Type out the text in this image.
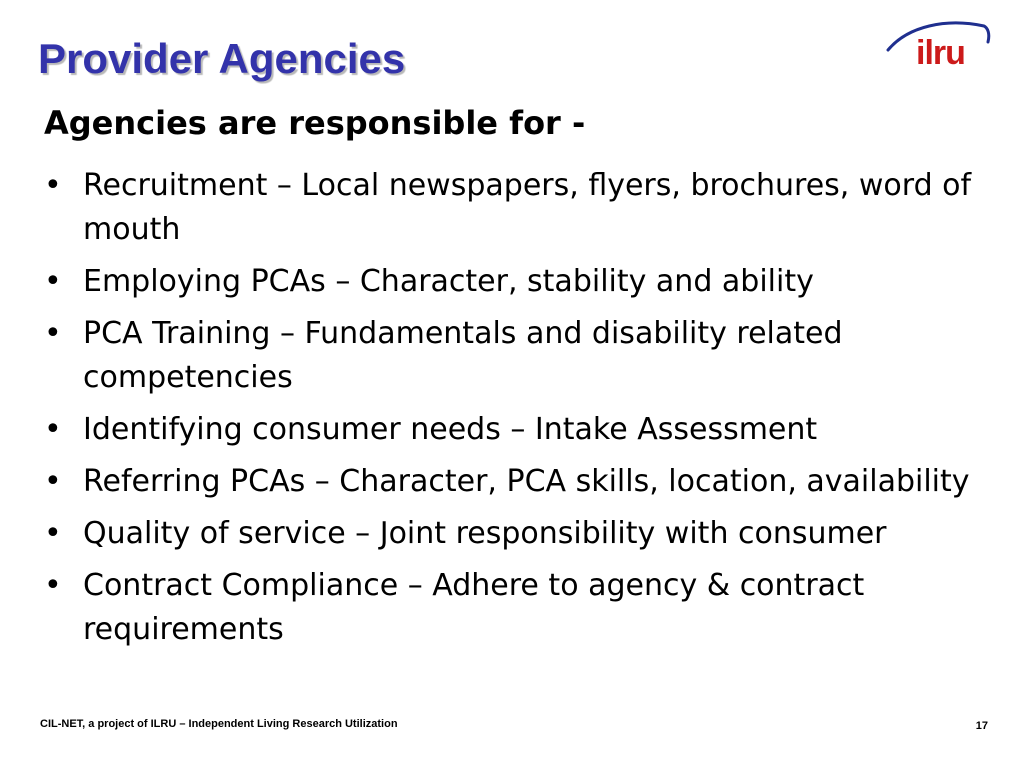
Provider Agencies	ilru
Agencies are responsible for -
• Recruitment – Local newspapers, flyers, brochures, word of mouth
• Employing PCAs – Character, stability and ability
• PCA Training – Fundamentals and disability related competencies
• Identifying consumer needs – Intake Assessment
• Referring PCAs – Character, PCA skills, location, availability
• Quality of service – Joint responsibility with consumer
• Contract Compliance – Adhere to agency & contract requirements
CIL-NET, a project of ILRU – Independent Living Research Utilization	17
